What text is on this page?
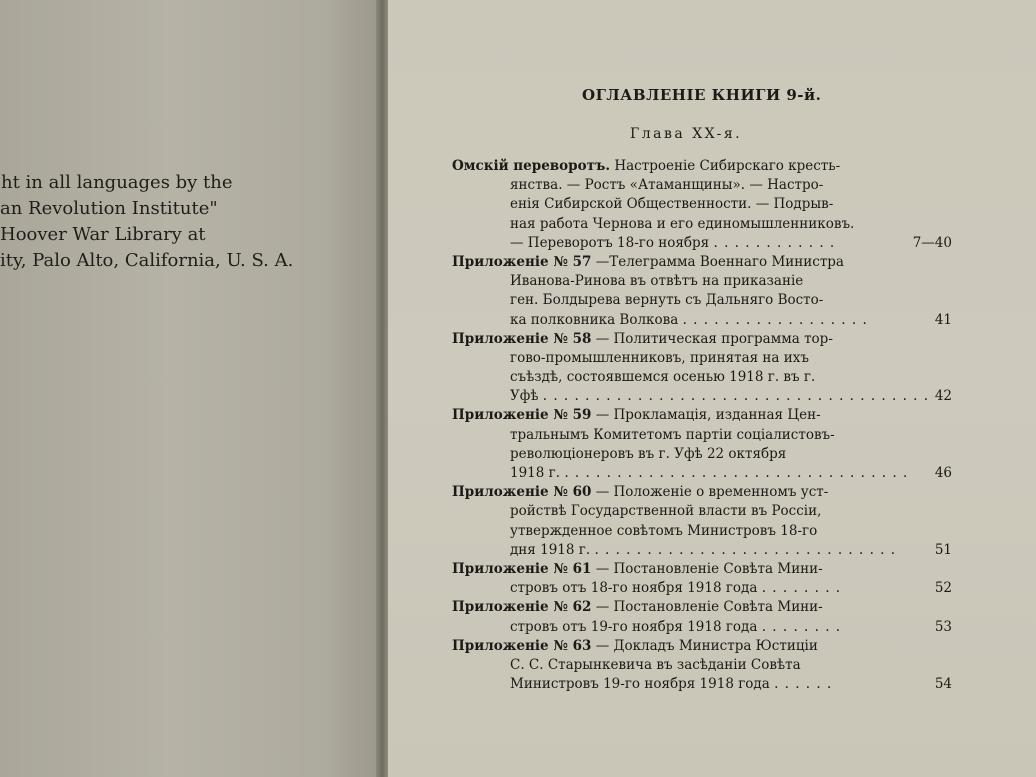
ht in all languages by the
an Revolution Institute"
Hoover War Library at
ity, Palo Alto, California, U. S. A.
ОГЛАВЛЕНІЕ КНИГИ 9-й.
Глава XX-я.
Омскій переворотъ. Настроеніе Сибирскаго кресть-
янства. — Ростъ «Атаманщины». — Настро-
енія Сибирской Общественности. — Подрыв-
ная работа Чернова и его единомышленниковъ.
— Переворотъ 18-го ноября . . . . . . . . . . . .	7—40
Приложеніе № 57 —Телеграмма Военнаго Министра
Иванова-Ринова въ отвѣтъ на приказаніе
ген. Болдырева вернуть съ Дальняго Восто-
ка полковника Волкова . . . . . . . . . . . . . . . . . .	41
Приложеніе № 58 — Политическая программа тор-
гово-промышленниковъ, принятая на ихъ
съѣздѣ, состоявшемся осенью 1918 г. въ г.
Уфѣ . . . . . . . . . . . . . . . . . . . . . . . . . . . . . . . . . . . . . 42
Приложеніе № 59 — Прокламація, изданная Цен-
тральнымъ Комитетомъ партіи соціалистовъ-
революціонеровъ въ г. Уфѣ 22 октября
1918 г. . . . . . . . . . . . . . . . . . . . . . . . . . . . . . . . . .	46
Приложеніе № 60 — Положеніе о временномъ уст-
ройствѣ Государственной власти въ Россіи,
утвержденное совѣтомъ Министровъ 18-го
дня 1918 г. . . . . . . . . . . . . . . . . . . . . . . . . . . . . .	51
Приложеніе № 61 — Постановленіе Совѣта Мини-
стровъ отъ 18-го ноября 1918 года . . . . . . . .	52
Приложеніе № 62 — Постановленіе Совѣта Мини-
стровъ отъ 19-го ноября 1918 года . . . . . . . .	53
Приложеніе № 63 — Докладъ Министра Юстиціи
С. С. Старынкевича въ засѣданіи Совѣта
Министровъ 19-го ноября 1918 года . . . . . .	54
